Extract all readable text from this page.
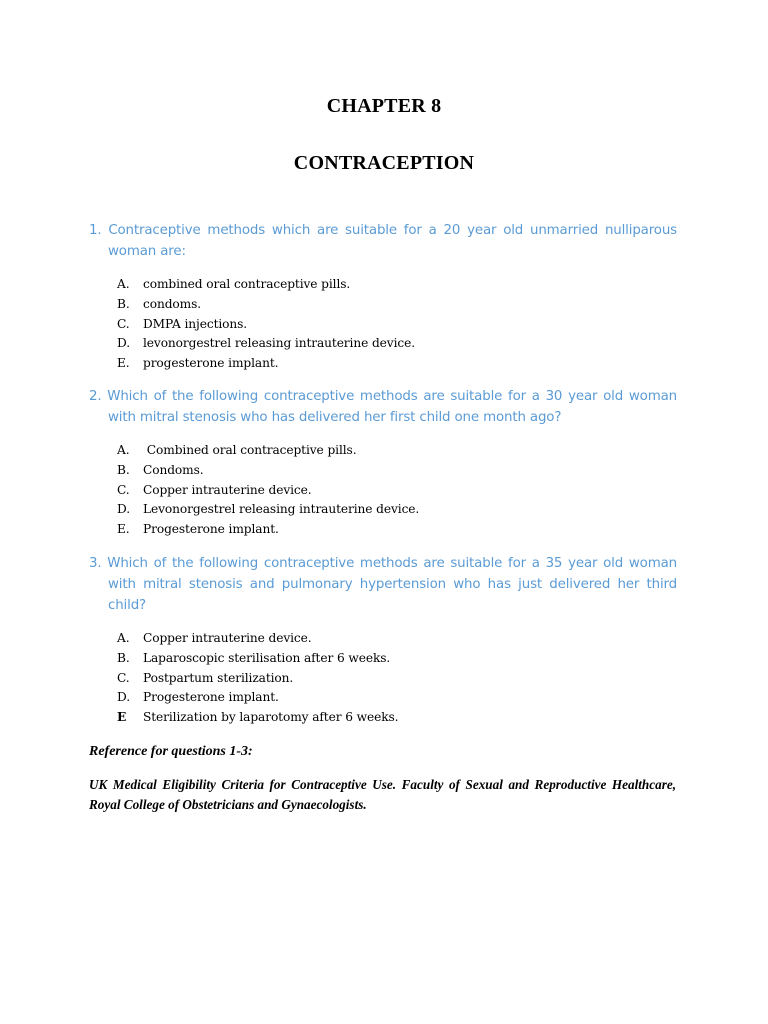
CHAPTER 8
CONTRACEPTION
1. Contraceptive methods which are suitable for a 20 year old unmarried nulliparous
woman are:
A.	combined oral contraceptive pills.
B.	condoms.
C.	DMPA injections.
D.	levonorgestrel releasing intrauterine device.
E.	progesterone implant.
2. Which of the following contraceptive methods are suitable for a 30 year old woman
with mitral stenosis who has delivered her first child one month ago?
A.	Combined oral contraceptive pills.
B.	Condoms.
C.	Copper intrauterine device.
D.	Levonorgestrel releasing intrauterine device.
E.	Progesterone implant.
3. Which of the following contraceptive methods are suitable for a 35 year old woman
with mitral stenosis and pulmonary hypertension who has just delivered her third
child?
A.	Copper intrauterine device.
B.	Laparoscopic sterilisation after 6 weeks.
C.	Postpartum sterilization.
D.	Progesterone implant.
E	Sterilization by laparotomy after 6 weeks.
Reference for questions 1-3:
UK Medical Eligibility Criteria for Contraceptive Use. Faculty of Sexual and Reproductive Healthcare, Royal College of Obstetricians and Gynaecologists.
